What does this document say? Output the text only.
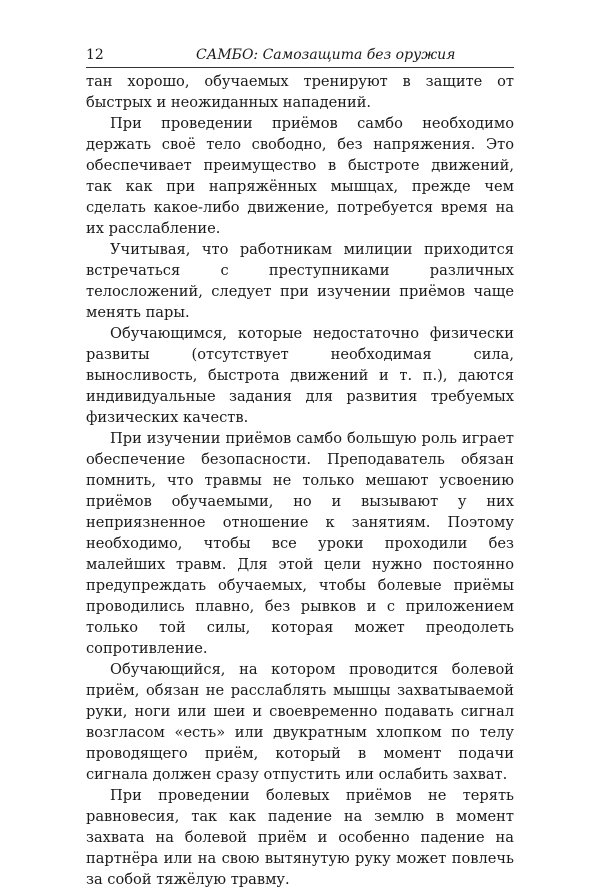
12	САМБО: Самозащита без оружия

тан хорошо, обучаемых тренируют в защите от быстрых и неожиданных нападений.

При проведении приёмов самбо необходимо держать своё тело свободно, без напряжения. Это обеспечивает преимущество в быстроте движений, так как при напряжённых мышцах, прежде чем сделать какое-либо движение, потребуется время на их расслабление.

Учитывая, что работникам милиции приходится встречаться с преступниками различных телосложений, следует при изучении приёмов чаще менять пары.

Обучающимся, которые недостаточно физически развиты (отсутствует необходимая сила, выносливость, быстрота движений и т. п.), даются индивидуальные задания для развития требуемых физических качеств.

При изучении приёмов самбо большую роль играет обеспечение безопасности. Преподаватель обязан помнить, что травмы не только мешают усвоению приёмов обучаемыми, но и вызывают у них неприязненное отношение к занятиям. Поэтому необходимо, чтобы все уроки проходили без малейших травм. Для этой цели нужно постоянно предупреждать обучаемых, чтобы болевые приёмы проводились плавно, без рывков и с приложением только той силы, которая может преодолеть сопротивление.

Обучающийся, на котором проводится болевой приём, обязан не расслаблять мышцы захватываемой руки, ноги или шеи и своевременно подавать сигнал возгласом «есть» или двукратным хлопком по телу проводящего приём, который в момент подачи сигнала должен сразу отпустить или ослабить захват.

При проведении болевых приёмов не терять равновесия, так как падение на землю в момент захвата на болевой приём и особенно падение на партнёра или на свою вытянутую руку может повлечь за собой тяжёлую травму.
